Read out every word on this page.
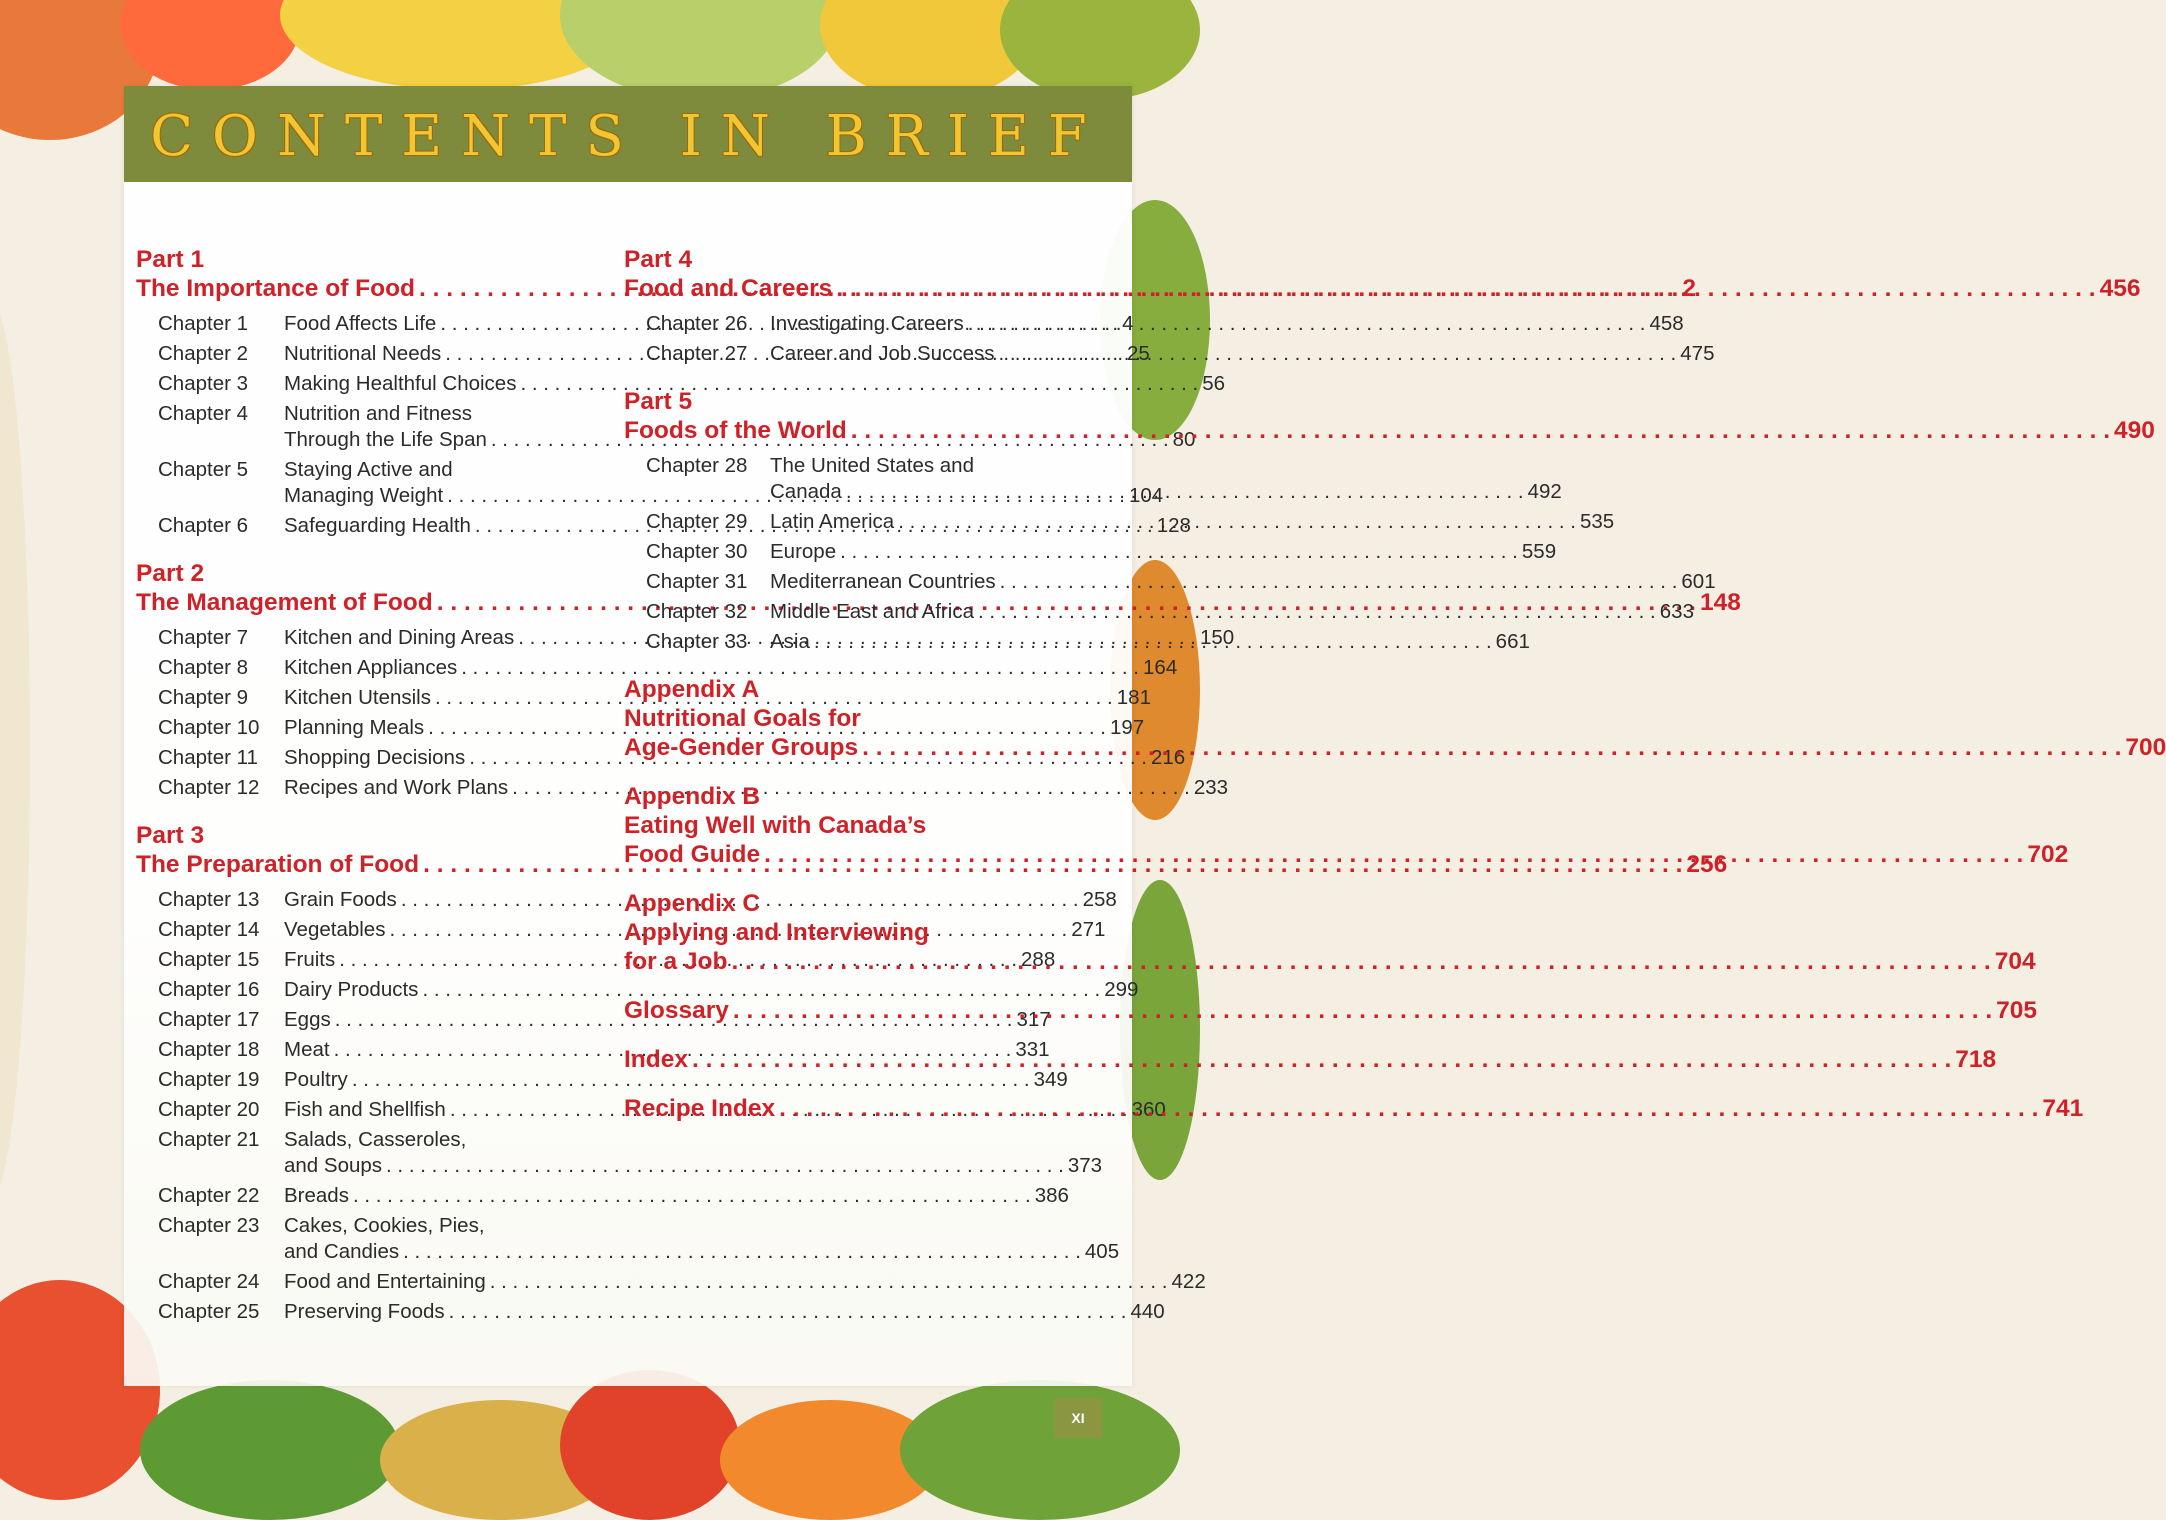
CONTENTS IN BRIEF
Part 1
The Importance of Food . . .	2
Chapter 1	Food Affects Life . . .	4
Chapter 2	Nutritional Needs . . .	25
Chapter 3	Making Healthful Choices . . .	56
Chapter 4	Nutrition and Fitness
Through the Life Span . . .	80
Chapter 5	Staying Active and
Managing Weight . . .	104
Chapter 6	Safeguarding Health . . .	128
Part 2
The Management of Food . . .	148
Chapter 7	Kitchen and Dining Areas . . .	150
Chapter 8	Kitchen Appliances . . .	164
Chapter 9	Kitchen Utensils . . .	181
Chapter 10	Planning Meals . . .	197
Chapter 11	Shopping Decisions . . .	216
Chapter 12	Recipes and Work Plans . . .	233
Part 3
The Preparation of Food . . .	256
Chapter 13	Grain Foods . . .	258
Chapter 14	Vegetables . . .	271
Chapter 15	Fruits . . .	288
Chapter 16	Dairy Products . . .	299
Chapter 17	Eggs . . .	317
Chapter 18	Meat . . .	331
Chapter 19	Poultry . . .	349
Chapter 20	Fish and Shellfish . . .	360
Chapter 21	Salads, Casseroles,
and Soups . . .	373
Chapter 22	Breads . . .	386
Chapter 23	Cakes, Cookies, Pies,
and Candies . . .	405
Chapter 24	Food and Entertaining . . .	422
Chapter 25	Preserving Foods . . .	440
Part 4
Food and Careers . . .	456
Chapter 26	Investigating Careers . . .	458
Chapter 27	Career and Job Success . . .	475
Part 5
Foods of the World . . .	490
Chapter 28	The United States and
Canada . . .	492
Chapter 29	Latin America . . .	535
Chapter 30	Europe . . .	559
Chapter 31	Mediterranean Countries . . .	601
Chapter 32	Middle East and Africa . . .	633
Chapter 33	Asia . . .	661
Appendix A
Nutritional Goals for
Age-Gender Groups . . .	700
Appendix B
Eating Well with Canada’s
Food Guide . . .	702
Appendix C
Applying and Interviewing
for a Job . . .	704
Glossary . . .	705
Index . . .	718
Recipe Index . . .	741
XI
